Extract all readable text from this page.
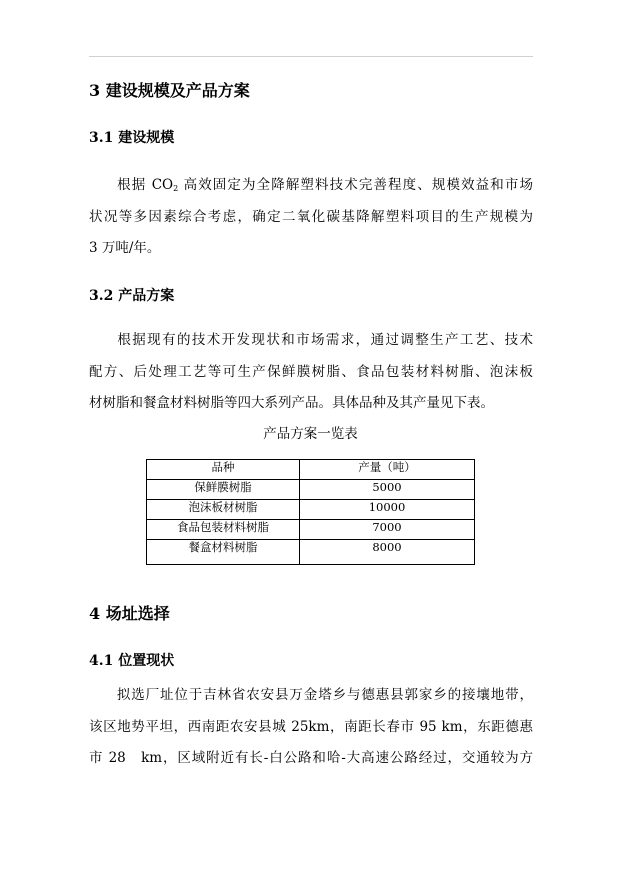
3 建设规模及产品方案
3.1 建设规模
根据 $CO_2$ 高效固定为全降解塑料技术完善程度、规模效益和市场
状况等多因素综合考虑，确定二氧化碳基降解塑料项目的生产规模为
3 万吨/年。
3.2 产品方案
根据现有的技术开发现状和市场需求，通过调整生产工艺、技术
配方、后处理工艺等可生产保鲜膜树脂、食品包装材料树脂、泡沫板
材树脂和餐盒材料树脂等四大系列产品。具体品种及其产量见下表。
产品方案一览表
品种	产量（吨）
保鲜膜树脂	5000
泡沫板材树脂	10000
食品包装材料树脂	7000
餐盒材料树脂	8000
4 场址选择
4.1 位置现状
拟选厂址位于吉林省农安县万金塔乡与德惠县郭家乡的接壤地带，
该区地势平坦，西南距农安县城 25km，南距长春市 95 km，东距德惠
市 28　km，区域附近有长-白公路和哈-大高速公路经过，交通较为方
